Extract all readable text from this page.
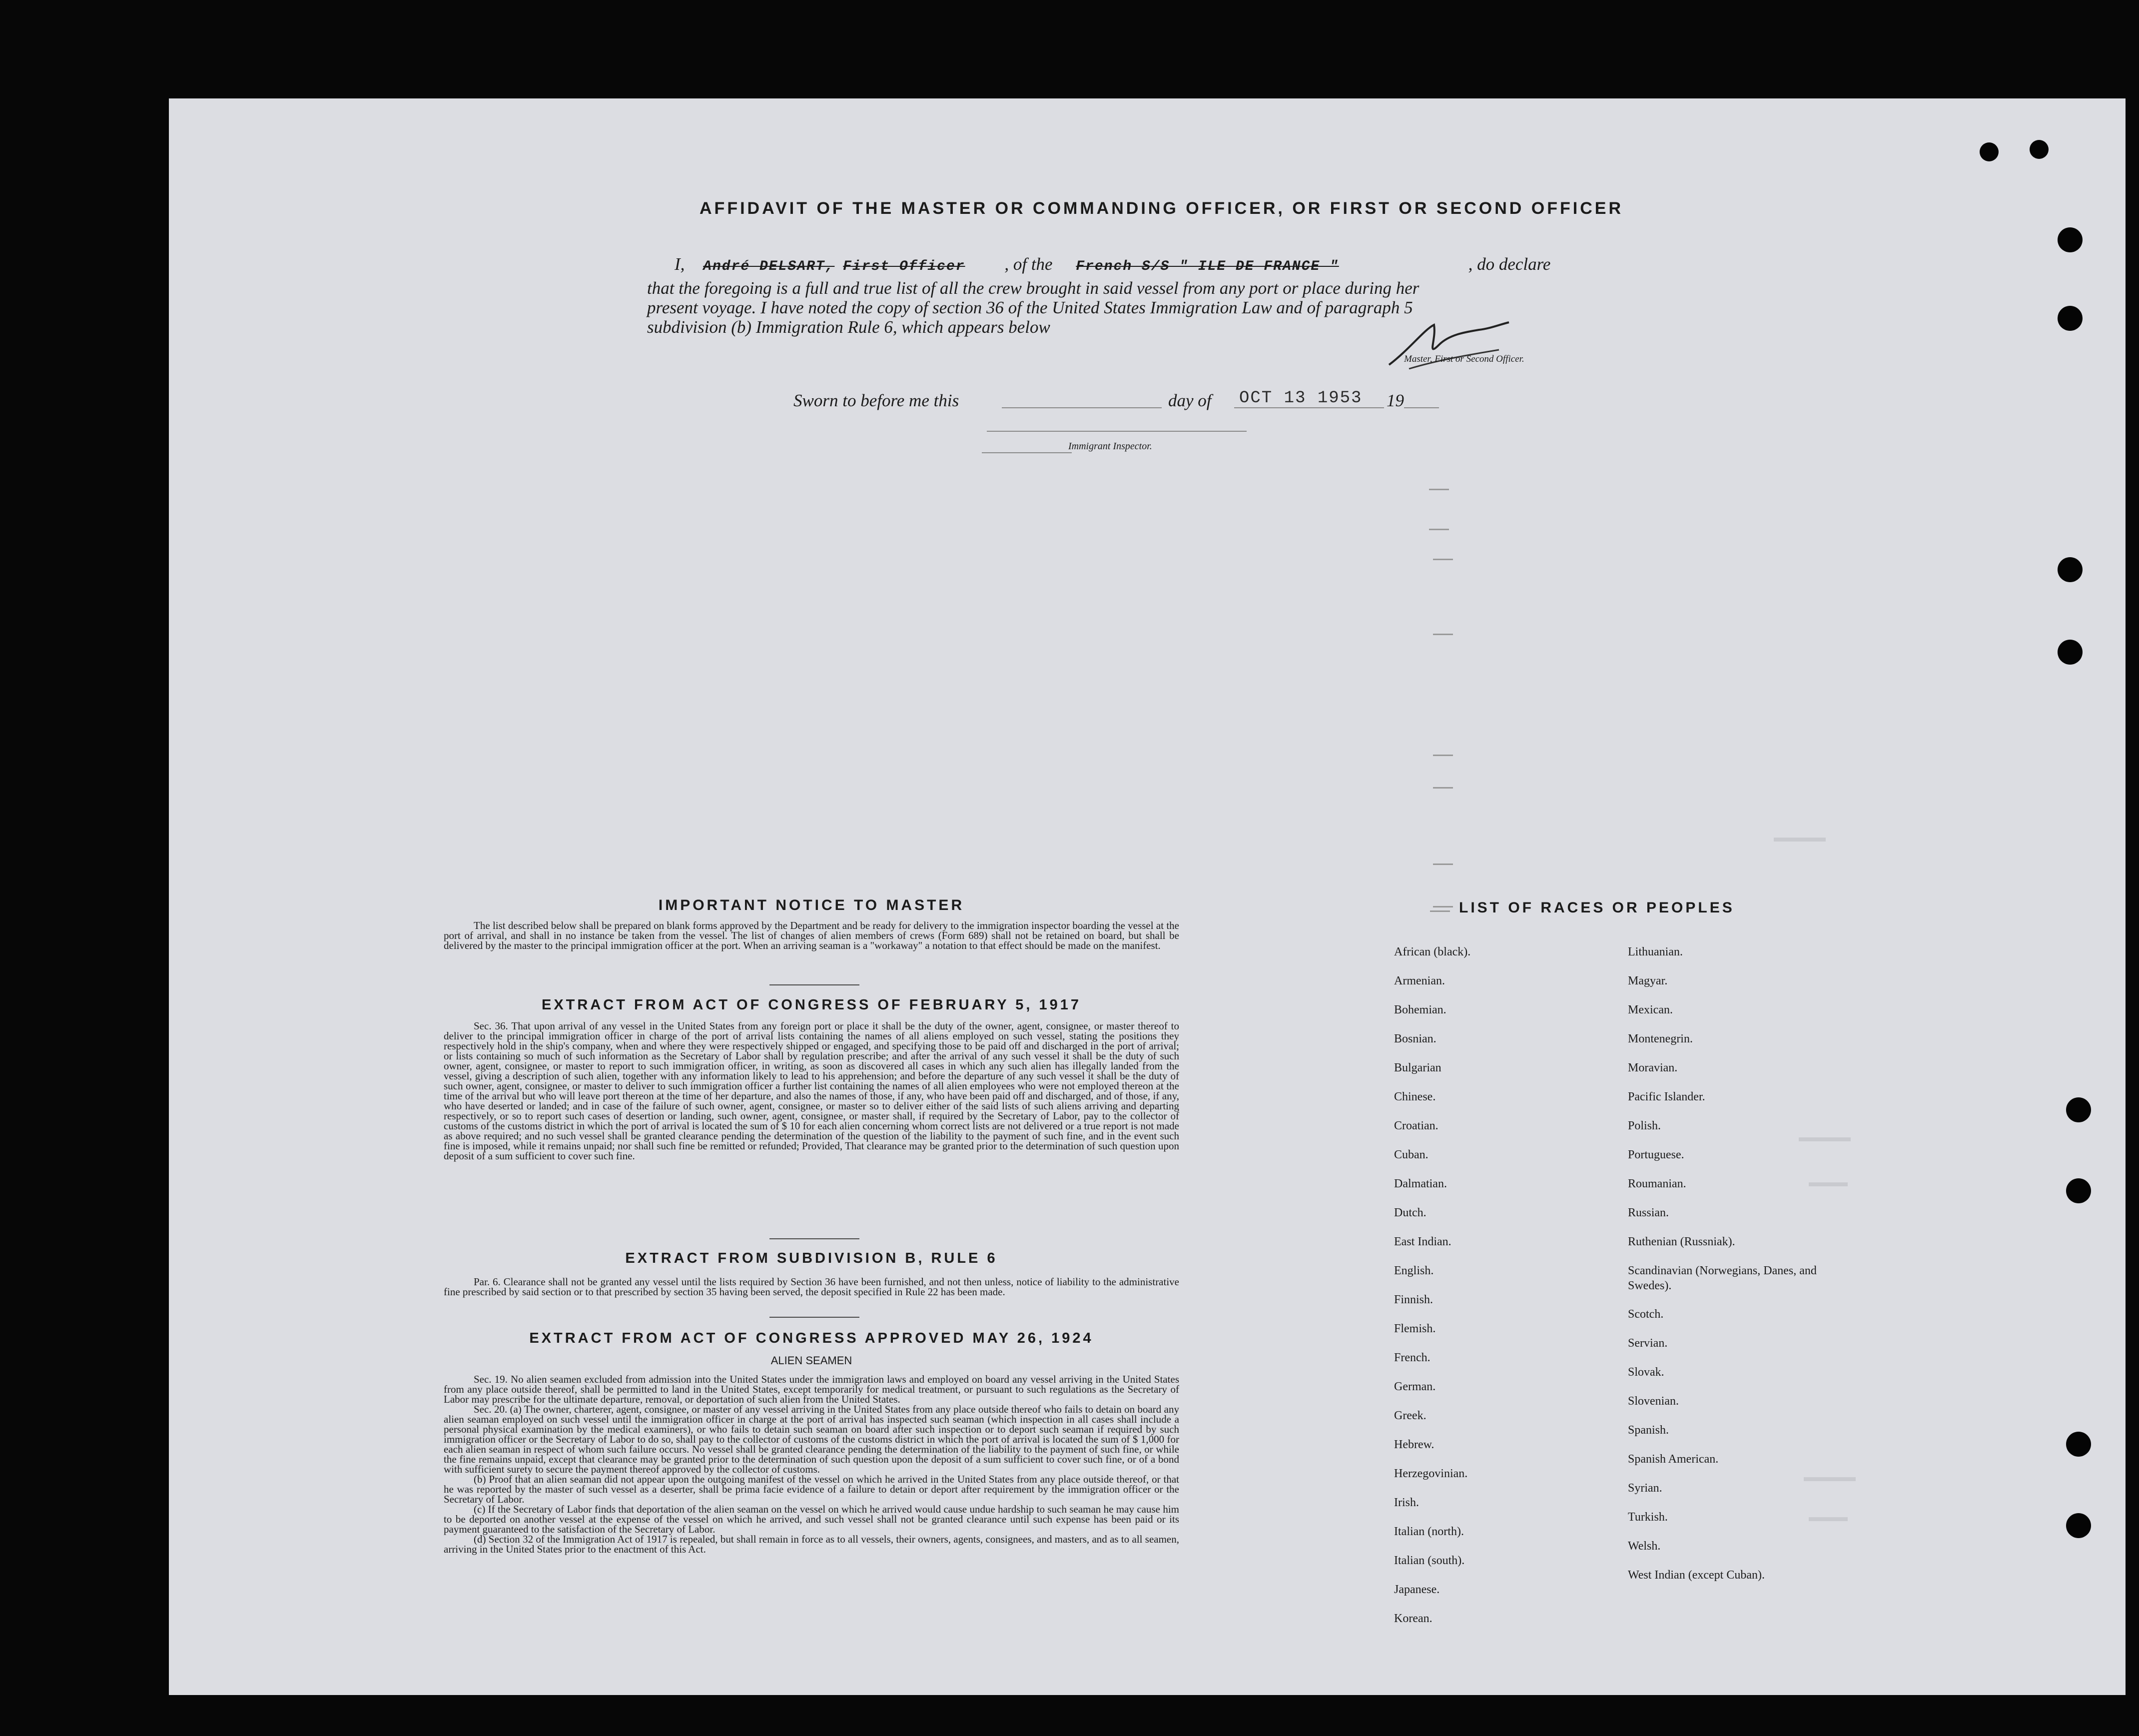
▬▬▬▬
▬▬▬▬
▬▬▬
▬▬▬▬
▬▬▬
AFFIDAVIT OF THE MASTER OR COMMANDING OFFICER, OR FIRST OR SECOND OFFICER
I, André DELSART, First Officer , of the French S/S " ILE DE FRANCE "	, do declare
that the foregoing is a full and true list of all the crew brought in said vessel from any port or place during her
present voyage. I have noted the copy of section 36 of the United States Immigration Law and of paragraph 5
subdivision (b) Immigration Rule 6, which appears below
Master, First or Second Officer.
Sworn to before me this	day of OCT 13 1953 19
Immigrant Inspector.
IMPORTANT NOTICE TO MASTER

The list described below shall be prepared on blank forms approved by the Department and be ready for delivery to the immigration inspector boarding the vessel at the port of arrival, and shall in no instance be taken from the vessel. The list of changes of alien members of crews (Form 689) shall not be retained on board, but shall be delivered by the master to the principal immigration officer at the port. When an arriving seaman is a "workaway" a notation to that effect should be made on the manifest.

EXTRACT FROM ACT OF CONGRESS OF FEBRUARY 5, 1917

Sec. 36. That upon arrival of any vessel in the United States from any foreign port or place it shall be the duty of the owner, agent, consignee, or master thereof to deliver to the principal immigration officer in charge of the port of arrival lists containing the names of all aliens employed on such vessel, stating the positions they respectively hold in the ship's company, when and where they were respectively shipped or engaged, and specifying those to be paid off and discharged in the port of arrival; or lists containing so much of such information as the Secretary of Labor shall by regulation prescribe; and after the arrival of any such vessel it shall be the duty of such owner, agent, consignee, or master to report to such immigration officer, in writing, as soon as discovered all cases in which any such alien has illegally landed from the vessel, giving a description of such alien, together with any information likely to lead to his apprehension; and before the departure of any such vessel it shall be the duty of such owner, agent, consignee, or master to deliver to such immigration officer a further list containing the names of all alien employees who were not employed thereon at the time of the arrival but who will leave port thereon at the time of her departure, and also the names of those, if any, who have been paid off and discharged, and of those, if any, who have deserted or landed; and in case of the failure of such owner, agent, consignee, or master so to deliver either of the said lists of such aliens arriving and departing respectively, or so to report such cases of desertion or landing, such owner, agent, consignee, or master shall, if required by the Secretary of Labor, pay to the collector of customs of the customs district in which the port of arrival is located the sum of $ 10 for each alien concerning whom correct lists are not delivered or a true report is not made as above required; and no such vessel shall be granted clearance pending the determination of the question of the liability to the payment of such fine, and in the event such fine is imposed, while it remains unpaid; nor shall such fine be remitted or refunded; Provided, That clearance may be granted prior to the determination of such question upon deposit of a sum sufficient to cover such fine.

EXTRACT FROM SUBDIVISION B, RULE 6

Par. 6. Clearance shall not be granted any vessel until the lists required by Section 36 have been furnished, and not then unless, notice of liability to the administrative fine prescribed by said section or to that prescribed by section 35 having been served, the deposit specified in Rule 22 has been made.

EXTRACT FROM ACT OF CONGRESS APPROVED MAY 26, 1924
ALIEN SEAMEN

Sec. 19. No alien seamen excluded from admission into the United States under the immigration laws and employed on board any vessel arriving in the United States from any place outside thereof, shall be permitted to land in the United States, except temporarily for medical treatment, or pursuant to such regulations as the Secretary of Labor may prescribe for the ultimate departure, removal, or deportation of such alien from the United States.

Sec. 20. (a) The owner, charterer, agent, consignee, or master of any vessel arriving in the United States from any place outside thereof who fails to detain on board any alien seaman employed on such vessel until the immigration officer in charge at the port of arrival has inspected such seaman (which inspection in all cases shall include a personal physical examination by the medical examiners), or who fails to detain such seaman on board after such inspection or to deport such seaman if required by such immigration officer or the Secretary of Labor to do so, shall pay to the collector of customs of the customs district in which the port of arrival is located the sum of $ 1,000 for each alien seaman in respect of whom such failure occurs. No vessel shall be granted clearance pending the determination of the liability to the payment of such fine, or while the fine remains unpaid, except that clearance may be granted prior to the determination of such question upon the deposit of a sum sufficient to cover such fine, or of a bond with sufficient surety to secure the payment thereof approved by the collector of customs.

(b) Proof that an alien seaman did not appear upon the outgoing manifest of the vessel on which he arrived in the United States from any place outside thereof, or that he was reported by the master of such vessel as a deserter, shall be prima facie evidence of a failure to detain or deport after requirement by the immigration officer or the Secretary of Labor.

(c) If the Secretary of Labor finds that deportation of the alien seaman on the vessel on which he arrived would cause undue hardship to such seaman he may cause him to be deported on another vessel at the expense of the vessel on which he arrived, and such vessel shall not be granted clearance until such expense has been paid or its payment guaranteed to the satisfaction of the Secretary of Labor.

(d) Section 32 of the Immigration Act of 1917 is repealed, but shall remain in force as to all vessels, their owners, agents, consignees, and masters, and as to all seamen, arriving in the United States prior to the enactment of this Act.

LIST OF RACES OR PEOPLES
African (black).
Armenian.
Bohemian.
Bosnian.
Bulgarian
Chinese.
Croatian.
Cuban.
Dalmatian.
Dutch.
East Indian.
English.
Finnish.
Flemish.
French.
German.
Greek.
Hebrew.
Herzegovinian.
Irish.
Italian (north).
Italian (south).
Japanese.
Korean.
Lithuanian.
Magyar.
Mexican.
Montenegrin.
Moravian.
Pacific Islander.
Polish.
Portuguese.
Roumanian.
Russian.
Ruthenian (Russniak).
Scandinavian (Norwegians, Danes, and Swedes).
Scotch.
Servian.
Slovak.
Slovenian.
Spanish.
Spanish American.
Syrian.
Turkish.
Welsh.
West Indian (except Cuban).
